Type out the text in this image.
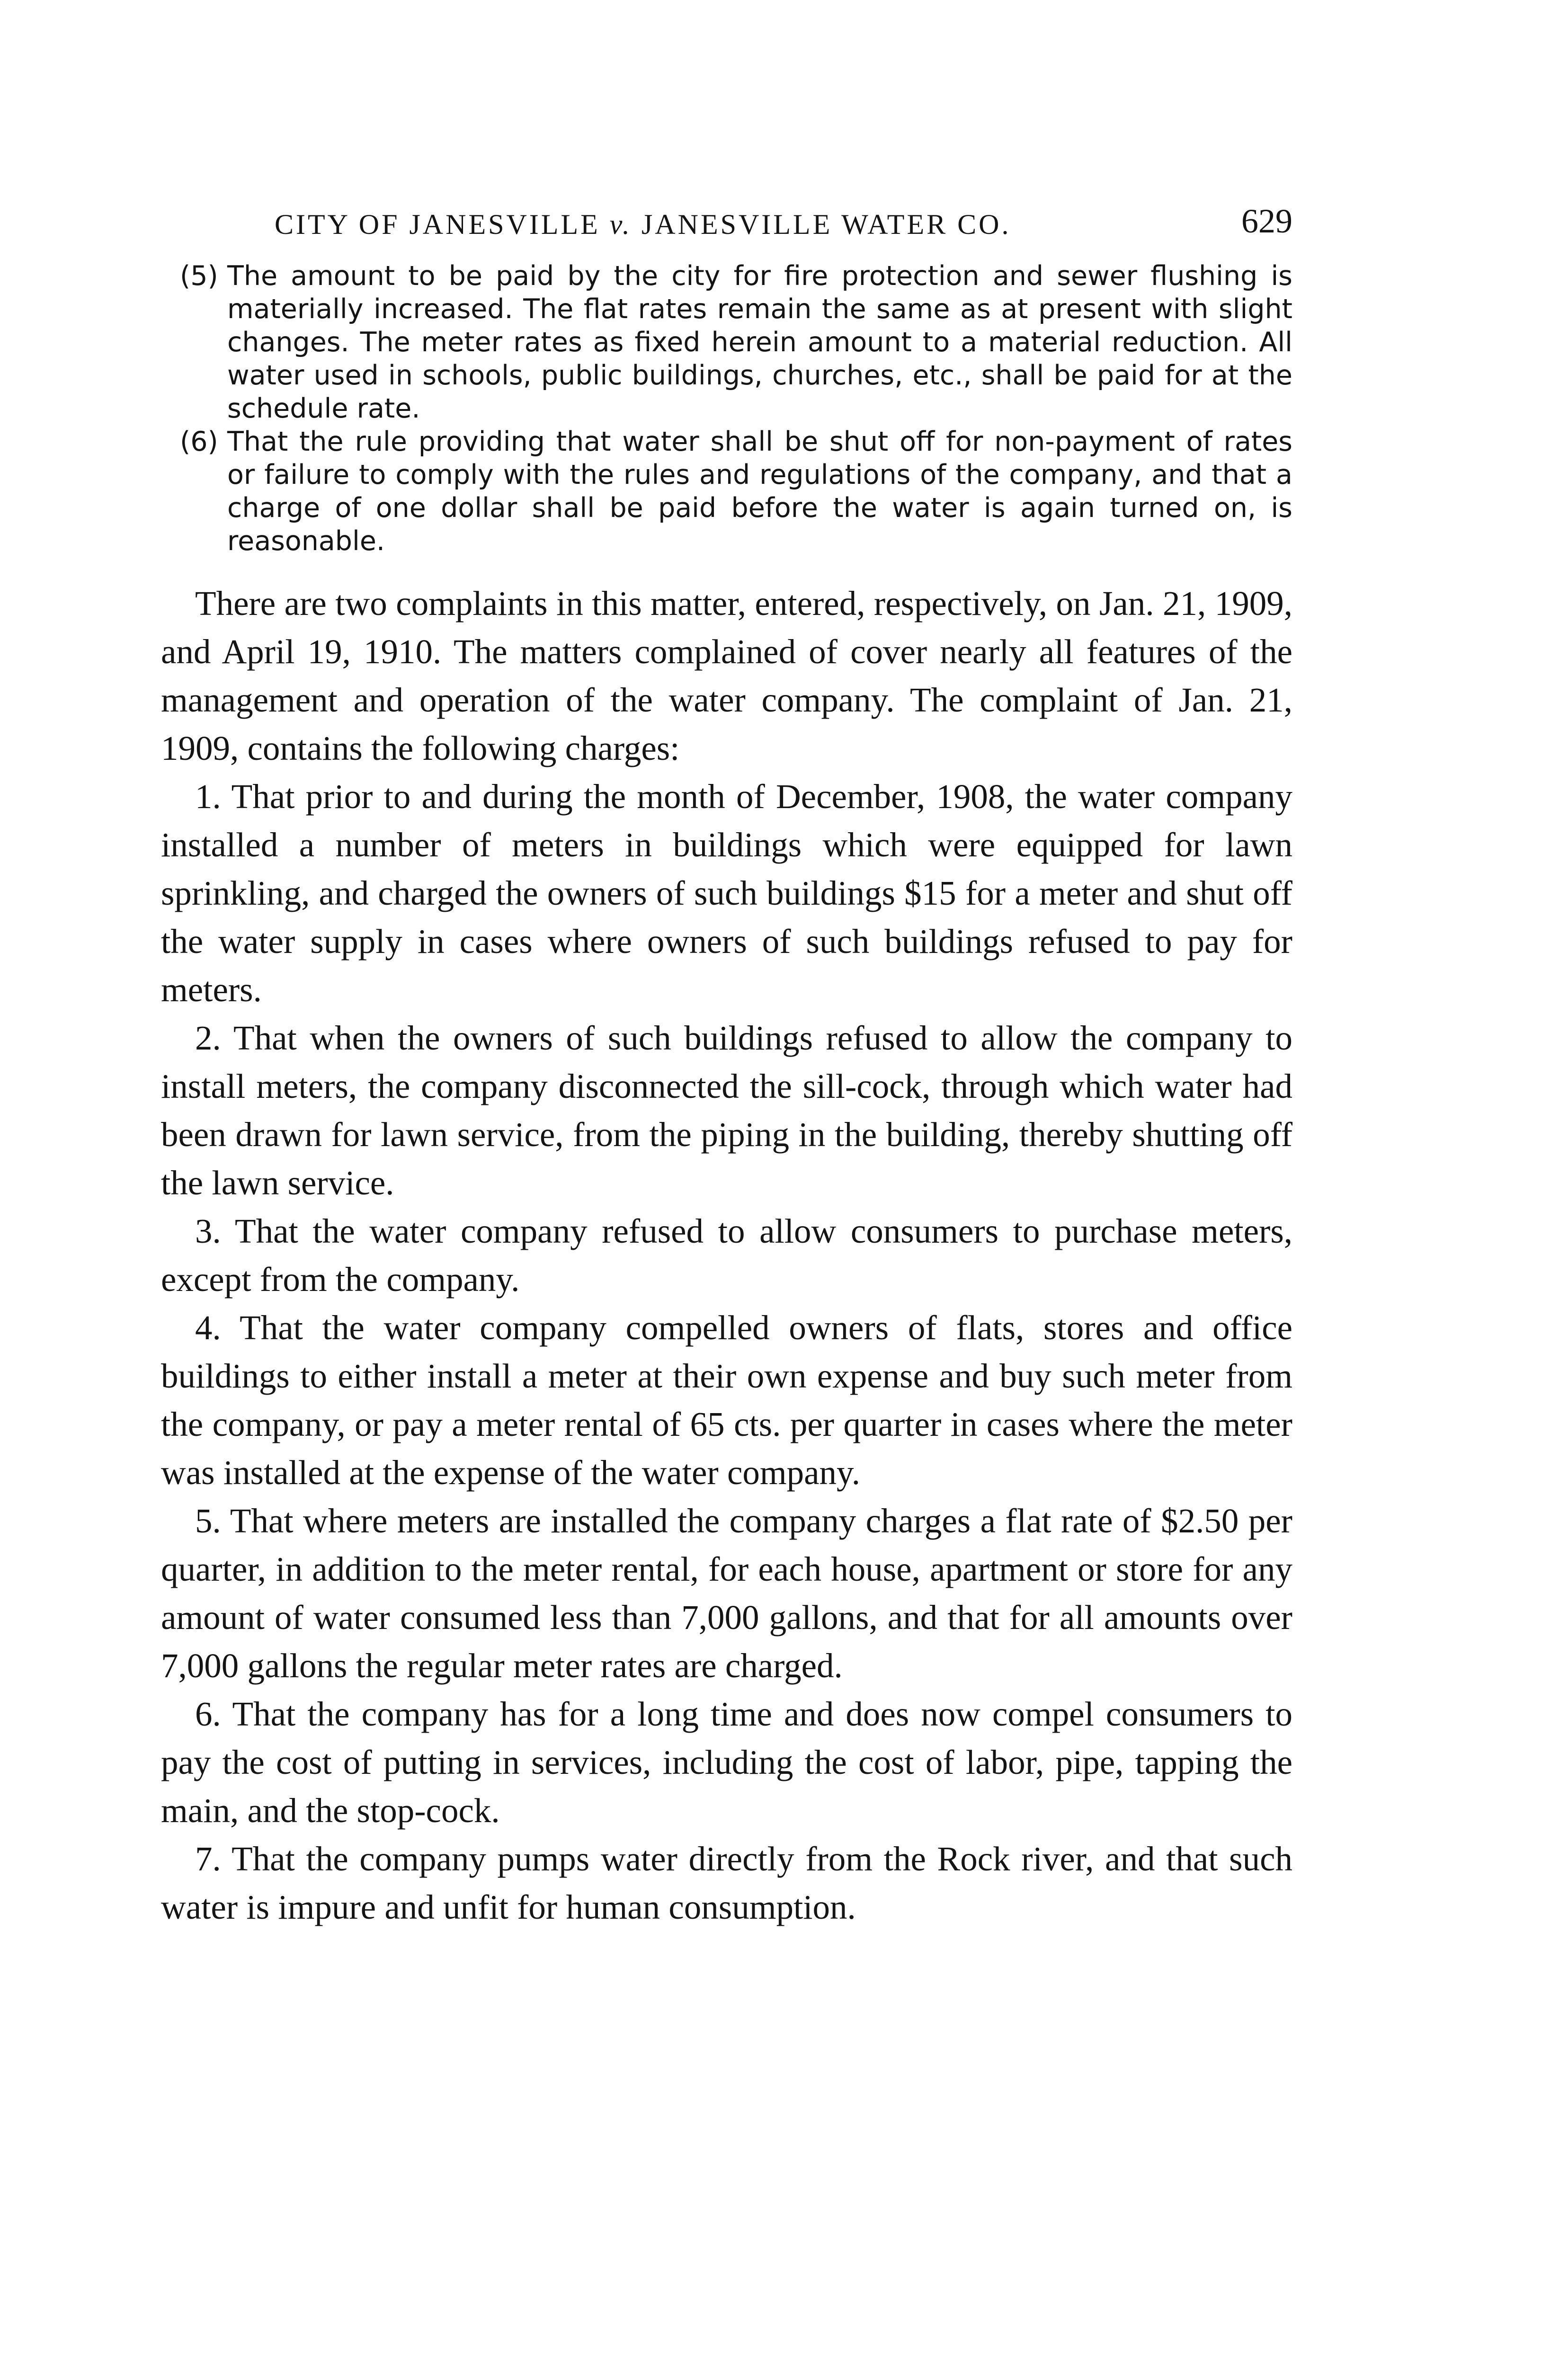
CITY OF JANESVILLE v. JANESVILLE WATER CO.	629
(5) The amount to be paid by the city for fire protection and sewer flushing is materially increased. The flat rates remain the same as at present with slight changes. The meter rates as fixed herein amount to a material reduction. All water used in schools, public buildings, churches, etc., shall be paid for at the schedule rate.
(6) That the rule providing that water shall be shut off for non-payment of rates or failure to comply with the rules and regulations of the company, and that a charge of one dollar shall be paid before the water is again turned on, is reasonable.

There are two complaints in this matter, entered, respectively, on Jan. 21, 1909, and April 19, 1910. The matters complained of cover nearly all features of the management and operation of the water company. The complaint of Jan. 21, 1909, contains the following charges:

1. That prior to and during the month of December, 1908, the water company installed a number of meters in buildings which were equipped for lawn sprinkling, and charged the owners of such buildings $15 for a meter and shut off the water supply in cases where owners of such buildings refused to pay for meters.

2. That when the owners of such buildings refused to allow the company to install meters, the company disconnected the sill-cock, through which water had been drawn for lawn service, from the piping in the building, thereby shutting off the lawn service.

3. That the water company refused to allow consumers to purchase meters, except from the company.

4. That the water company compelled owners of flats, stores and office buildings to either install a meter at their own expense and buy such meter from the company, or pay a meter rental of 65 cts. per quarter in cases where the meter was installed at the expense of the water company.

5. That where meters are installed the company charges a flat rate of $2.50 per quarter, in addition to the meter rental, for each house, apartment or store for any amount of water consumed less than 7,000 gallons, and that for all amounts over 7,000 gallons the regular meter rates are charged.

6. That the company has for a long time and does now compel consumers to pay the cost of putting in services, including the cost of labor, pipe, tapping the main, and the stop-cock.

7. That the company pumps water directly from the Rock river, and that such water is impure and unfit for human consumption.
